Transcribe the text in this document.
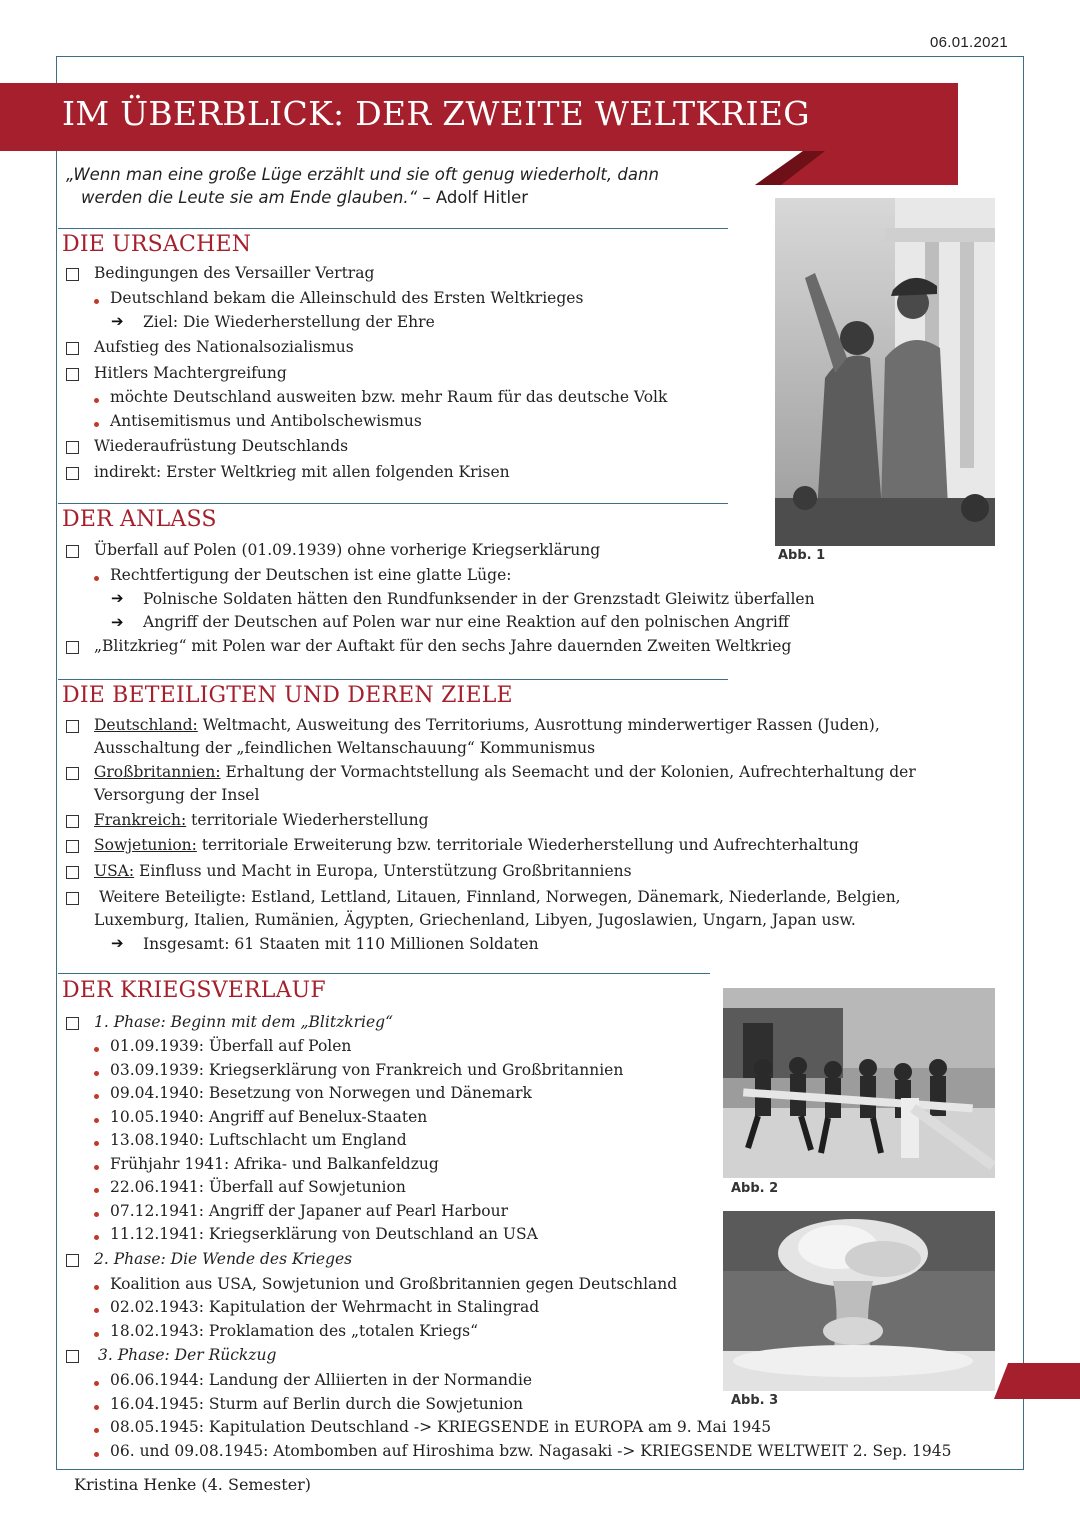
06.01.2021
IM ÜBERBLICK: DER ZWEITE WELTKRIEG
„Wenn man eine große Lüge erzählt und sie oft genug wiederholt, dann
werden die Leute sie am Ende glauben.“ – Adolf Hitler
Abb. 1
DIE URSACHEN
Bedingungen des Versailler Vertrag
Deutschland bekam die Alleinschuld des Ersten Weltkrieges
➔ Ziel: Die Wiederherstellung der Ehre
Aufstieg des Nationalsozialismus
Hitlers Machtergreifung
möchte Deutschland ausweiten bzw. mehr Raum für das deutsche Volk
Antisemitismus und Antibolschewismus
Wiederaufrüstung Deutschlands
indirekt: Erster Weltkrieg mit allen folgenden Krisen
DER ANLASS
Überfall auf Polen (01.09.1939) ohne vorherige Kriegserklärung
Rechtfertigung der Deutschen ist eine glatte Lüge:
➔ Polnische Soldaten hätten den Rundfunksender in der Grenzstadt Gleiwitz überfallen
➔ Angriff der Deutschen auf Polen war nur eine Reaktion auf den polnischen Angriff
„Blitzkrieg“ mit Polen war der Auftakt für den sechs Jahre dauernden Zweiten Weltkrieg
DIE BETEILIGTEN UND DEREN ZIELE
Deutschland: Weltmacht, Ausweitung des Territoriums, Ausrottung minderwertiger Rassen (Juden),
Ausschaltung der „feindlichen Weltanschauung“ Kommunismus
Großbritannien: Erhaltung der Vormachtstellung als Seemacht und der Kolonien, Aufrechterhaltung der
Versorgung der Insel
Frankreich: territoriale Wiederherstellung
Sowjetunion: territoriale Erweiterung bzw. territoriale Wiederherstellung und Aufrechterhaltung
USA: Einfluss und Macht in Europa, Unterstützung Großbritanniens
Weitere Beteiligte: Estland, Lettland, Litauen, Finnland, Norwegen, Dänemark, Niederlande, Belgien,
Luxemburg, Italien, Rumänien, Ägypten, Griechenland, Libyen, Jugoslawien, Ungarn, Japan usw.
➔ Insgesamt: 61 Staaten mit 110 Millionen Soldaten
DER KRIEGSVERLAUF
Abb. 2
Abb. 3
1. Phase: Beginn mit dem „Blitzkrieg“
01.09.1939: Überfall auf Polen
03.09.1939: Kriegserklärung von Frankreich und Großbritannien
09.04.1940: Besetzung von Norwegen und Dänemark
10.05.1940: Angriff auf Benelux-Staaten
13.08.1940: Luftschlacht um England
Frühjahr 1941: Afrika- und Balkanfeldzug
22.06.1941: Überfall auf Sowjetunion
07.12.1941: Angriff der Japaner auf Pearl Harbour
11.12.1941: Kriegserklärung von Deutschland an USA
2. Phase: Die Wende des Krieges
Koalition aus USA, Sowjetunion und Großbritannien gegen Deutschland
02.02.1943: Kapitulation der Wehrmacht in Stalingrad
18.02.1943: Proklamation des „totalen Kriegs“
3. Phase: Der Rückzug
06.06.1944: Landung der Alliierten in der Normandie
16.04.1945: Sturm auf Berlin durch die Sowjetunion
08.05.1945: Kapitulation Deutschland -> KRIEGSENDE in EUROPA am 9. Mai 1945
06. und 09.08.1945: Atombomben auf Hiroshima bzw. Nagasaki -> KRIEGSENDE WELTWEIT 2. Sep. 1945
Kristina Henke (4. Semester)
